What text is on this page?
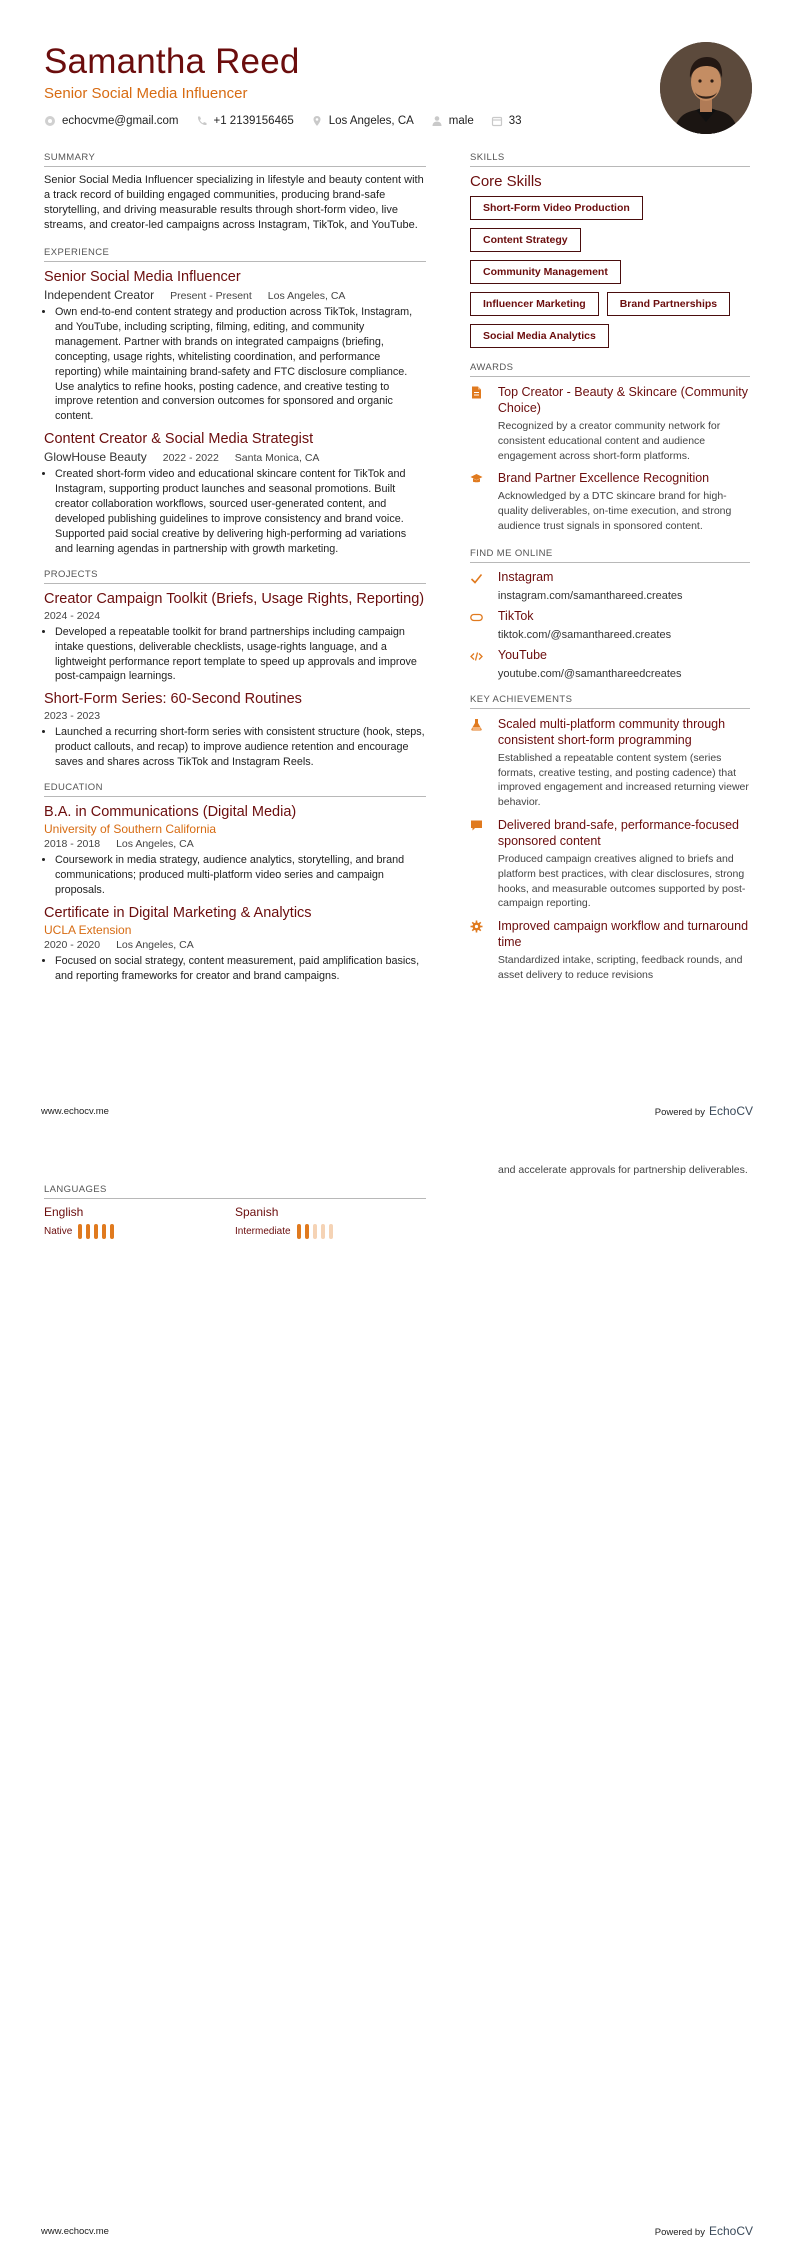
Samantha Reed
Senior Social Media Influencer
echocvme@gmail.com	+1 2139156465	Los Angeles, CA	male	33
SUMMARY
Senior Social Media Influencer specializing in lifestyle and beauty content with a track record of building engaged communities, producing brand-safe storytelling, and driving measurable results through short-form video, live streams, and creator-led campaigns across Instagram, TikTok, and YouTube.
EXPERIENCE
Senior Social Media Influencer
Independent Creator Present - Present Los Angeles, CA
• Own end-to-end content strategy and production across TikTok, Instagram, and YouTube, including scripting, filming, editing, and community management. Partner with brands on integrated campaigns (briefing, concepting, usage rights, whitelisting coordination, and performance reporting) while maintaining brand-safety and FTC disclosure compliance. Use analytics to refine hooks, posting cadence, and creative testing to improve retention and conversion outcomes for sponsored and organic content.
Content Creator & Social Media Strategist
GlowHouse Beauty 2022 - 2022 Santa Monica, CA
• Created short-form video and educational skincare content for TikTok and Instagram, supporting product launches and seasonal promotions. Built creator collaboration workflows, sourced user-generated content, and developed publishing guidelines to improve consistency and brand voice. Supported paid social creative by delivering high-performing ad variations and learning agendas in partnership with growth marketing.
PROJECTS
Creator Campaign Toolkit (Briefs, Usage Rights, Reporting)
2024 - 2024
• Developed a repeatable toolkit for brand partnerships including campaign intake questions, deliverable checklists, usage-rights language, and a lightweight performance report template to speed up approvals and improve post-campaign learnings.
Short-Form Series: 60-Second Routines
2023 - 2023
• Launched a recurring short-form series with consistent structure (hook, steps, product callouts, and recap) to improve audience retention and encourage saves and shares across TikTok and Instagram Reels.
EDUCATION
B.A. in Communications (Digital Media)
University of Southern California
2018 - 2018 Los Angeles, CA
• Coursework in media strategy, audience analytics, storytelling, and brand communications; produced multi-platform video series and campaign proposals.
Certificate in Digital Marketing & Analytics
UCLA Extension
2020 - 2020 Los Angeles, CA
• Focused on social strategy, content measurement, paid amplification basics, and reporting frameworks for creator and brand campaigns.
SKILLS
Core Skills
Short-Form Video Production
Content Strategy
Community Management
Influencer Marketing	Brand Partnerships
Social Media Analytics
AWARDS
Top Creator - Beauty & Skincare (Community Choice)
Recognized by a creator community network for consistent educational content and audience engagement across short-form platforms.
Brand Partner Excellence Recognition
Acknowledged by a DTC skincare brand for high-quality deliverables, on-time execution, and strong audience trust signals in sponsored content.
FIND ME ONLINE
Instagram
instagram.com/samanthareed.creates
TikTok
tiktok.com/@samanthareed.creates
YouTube
youtube.com/@samanthareedcreates
KEY ACHIEVEMENTS
Scaled multi-platform community through consistent short-form programming
Established a repeatable content system (series formats, creative testing, and posting cadence) that improved engagement and increased returning viewer behavior.
Delivered brand-safe, performance-focused sponsored content
Produced campaign creatives aligned to briefs and platform best practices, with clear disclosures, strong hooks, and measurable outcomes supported by post-campaign reporting.
Improved campaign workflow and turnaround time
Standardized intake, scripting, feedback rounds, and asset delivery to reduce revisions
www.echocv.me	Powered by EchoCV
and accelerate approvals for partnership deliverables.
LANGUAGES
English
Native
Spanish
Intermediate
www.echocv.me	Powered by EchoCV
